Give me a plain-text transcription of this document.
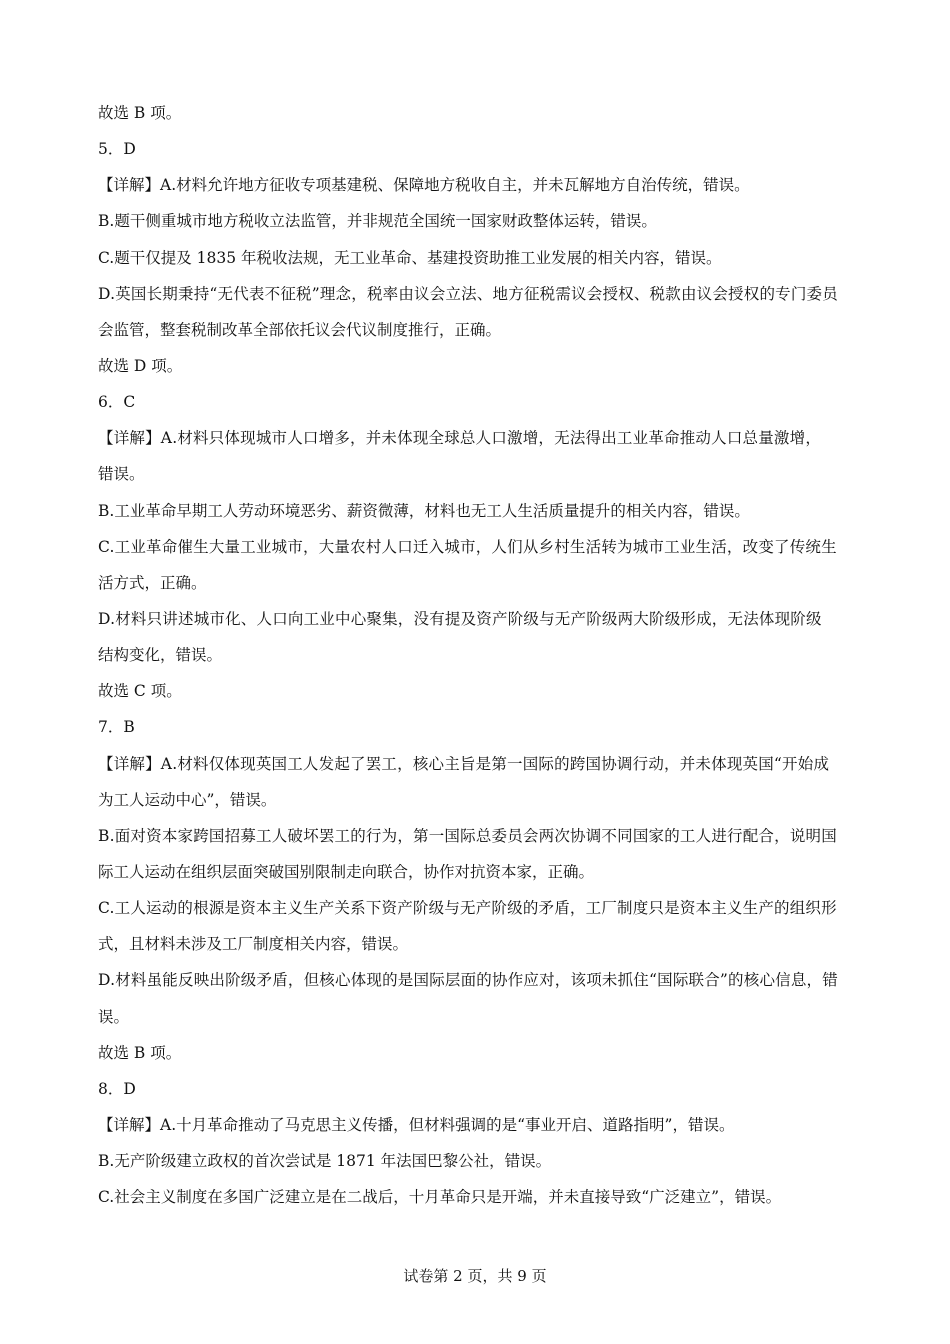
故选 B 项。
5．D
【详解】A.材料允许地方征收专项基建税、保障地方税收自主，并未瓦解地方自治传统，错误。
B.题干侧重城市地方税收立法监管，并非规范全国统一国家财政整体运转，错误。
C.题干仅提及 1835 年税收法规，无工业革命、基建投资助推工业发展的相关内容，错误。
D.英国长期秉持“无代表不征税”理念，税率由议会立法、地方征税需议会授权、税款由议会授权的专门委员
会监管，整套税制改革全部依托议会代议制度推行，正确。
故选 D 项。
6．C
【详解】A.材料只体现城市人口增多，并未体现全球总人口激增，无法得出工业革命推动人口总量激增，
错误。
B.工业革命早期工人劳动环境恶劣、薪资微薄，材料也无工人生活质量提升的相关内容，错误。
C.工业革命催生大量工业城市，大量农村人口迁入城市，人们从乡村生活转为城市工业生活，改变了传统生
活方式，正确。
D.材料只讲述城市化、人口向工业中心聚集，没有提及资产阶级与无产阶级两大阶级形成，无法体现阶级
结构变化，错误。
故选 C 项。
7．B
【详解】A.材料仅体现英国工人发起了罢工，核心主旨是第一国际的跨国协调行动，并未体现英国“开始成
为工人运动中心”，错误。
B.面对资本家跨国招募工人破坏罢工的行为，第一国际总委员会两次协调不同国家的工人进行配合，说明国
际工人运动在组织层面突破国别限制走向联合，协作对抗资本家，正确。
C.工人运动的根源是资本主义生产关系下资产阶级与无产阶级的矛盾，工厂制度只是资本主义生产的组织形
式，且材料未涉及工厂制度相关内容，错误。
D.材料虽能反映出阶级矛盾，但核心体现的是国际层面的协作应对，该项未抓住“国际联合”的核心信息，错
误。
故选 B 项。
8．D
【详解】A.十月革命推动了马克思主义传播，但材料强调的是“事业开启、道路指明”，错误。
B.无产阶级建立政权的首次尝试是 1871 年法国巴黎公社，错误。
C.社会主义制度在多国广泛建立是在二战后，十月革命只是开端，并未直接导致“广泛建立”，错误。
试卷第 2 页，共 9 页
